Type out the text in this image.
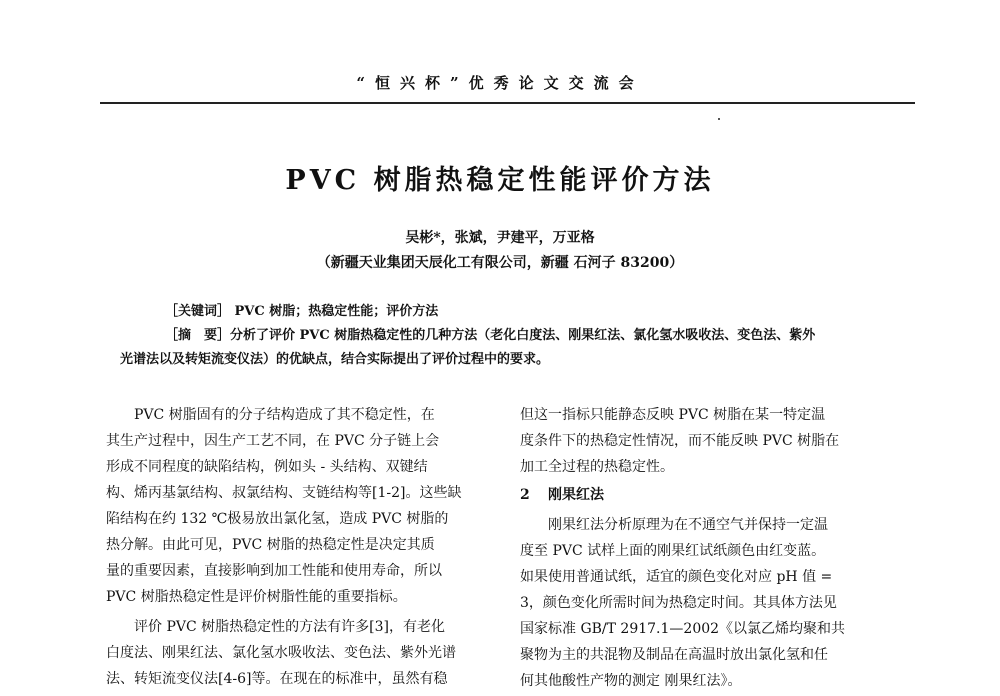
“恒兴杯”优秀论文交流会
PVC 树脂热稳定性能评价方法
吴彬*，张斌，尹建平，万亚格
（新疆天业集团天辰化工有限公司，新疆 石河子 83200）
［关键词］ PVC 树脂；热稳定性能；评价方法
［摘　要］分析了评价 PVC 树脂热稳定性的几种方法（老化白度法、刚果红法、氯化氢水吸收法、变色法、紫外
光谱法以及转矩流变仪法）的优缺点，结合实际提出了评价过程中的要求。
　　PVC 树脂固有的分子结构造成了其不稳定性，在
其生产过程中，因生产工艺不同，在 PVC 分子链上会
形成不同程度的缺陷结构，例如头 - 头结构、双键结
构、烯丙基氯结构、叔氯结构、支链结构等[1-2]。这些缺
陷结构在约 132 ℃极易放出氯化氢，造成 PVC 树脂的
热分解。由此可见，PVC 树脂的热稳定性是决定其质
量的重要因素，直接影响到加工性能和使用寿命，所以
PVC 树脂热稳定性是评价树脂性能的重要指标。
　　评价 PVC 树脂热稳定性的方法有许多[3]，有老化
白度法、刚果红法、氯化氢水吸收法、变色法、紫外光谱
法、转矩流变仪法[4-6]等。在现在的标准中，虽然有稳
但这一指标只能静态反映 PVC 树脂在某一特定温
度条件下的热稳定性情况，而不能反映 PVC 树脂在
加工全过程的热稳定性。
2 刚果红法
　　刚果红法分析原理为在不通空气并保持一定温
度至 PVC 试样上面的刚果红试纸颜色由红变蓝。
如果使用普通试纸，适宜的颜色变化对应 pH 值 =
3，颜色变化所需时间为热稳定时间。其具体方法见
国家标准 GB/T 2917.1—2002《以氯乙烯均聚和共
聚物为主的共混物及制品在高温时放出氯化氢和任
何其他酸性产物的测定 刚果红法》。
